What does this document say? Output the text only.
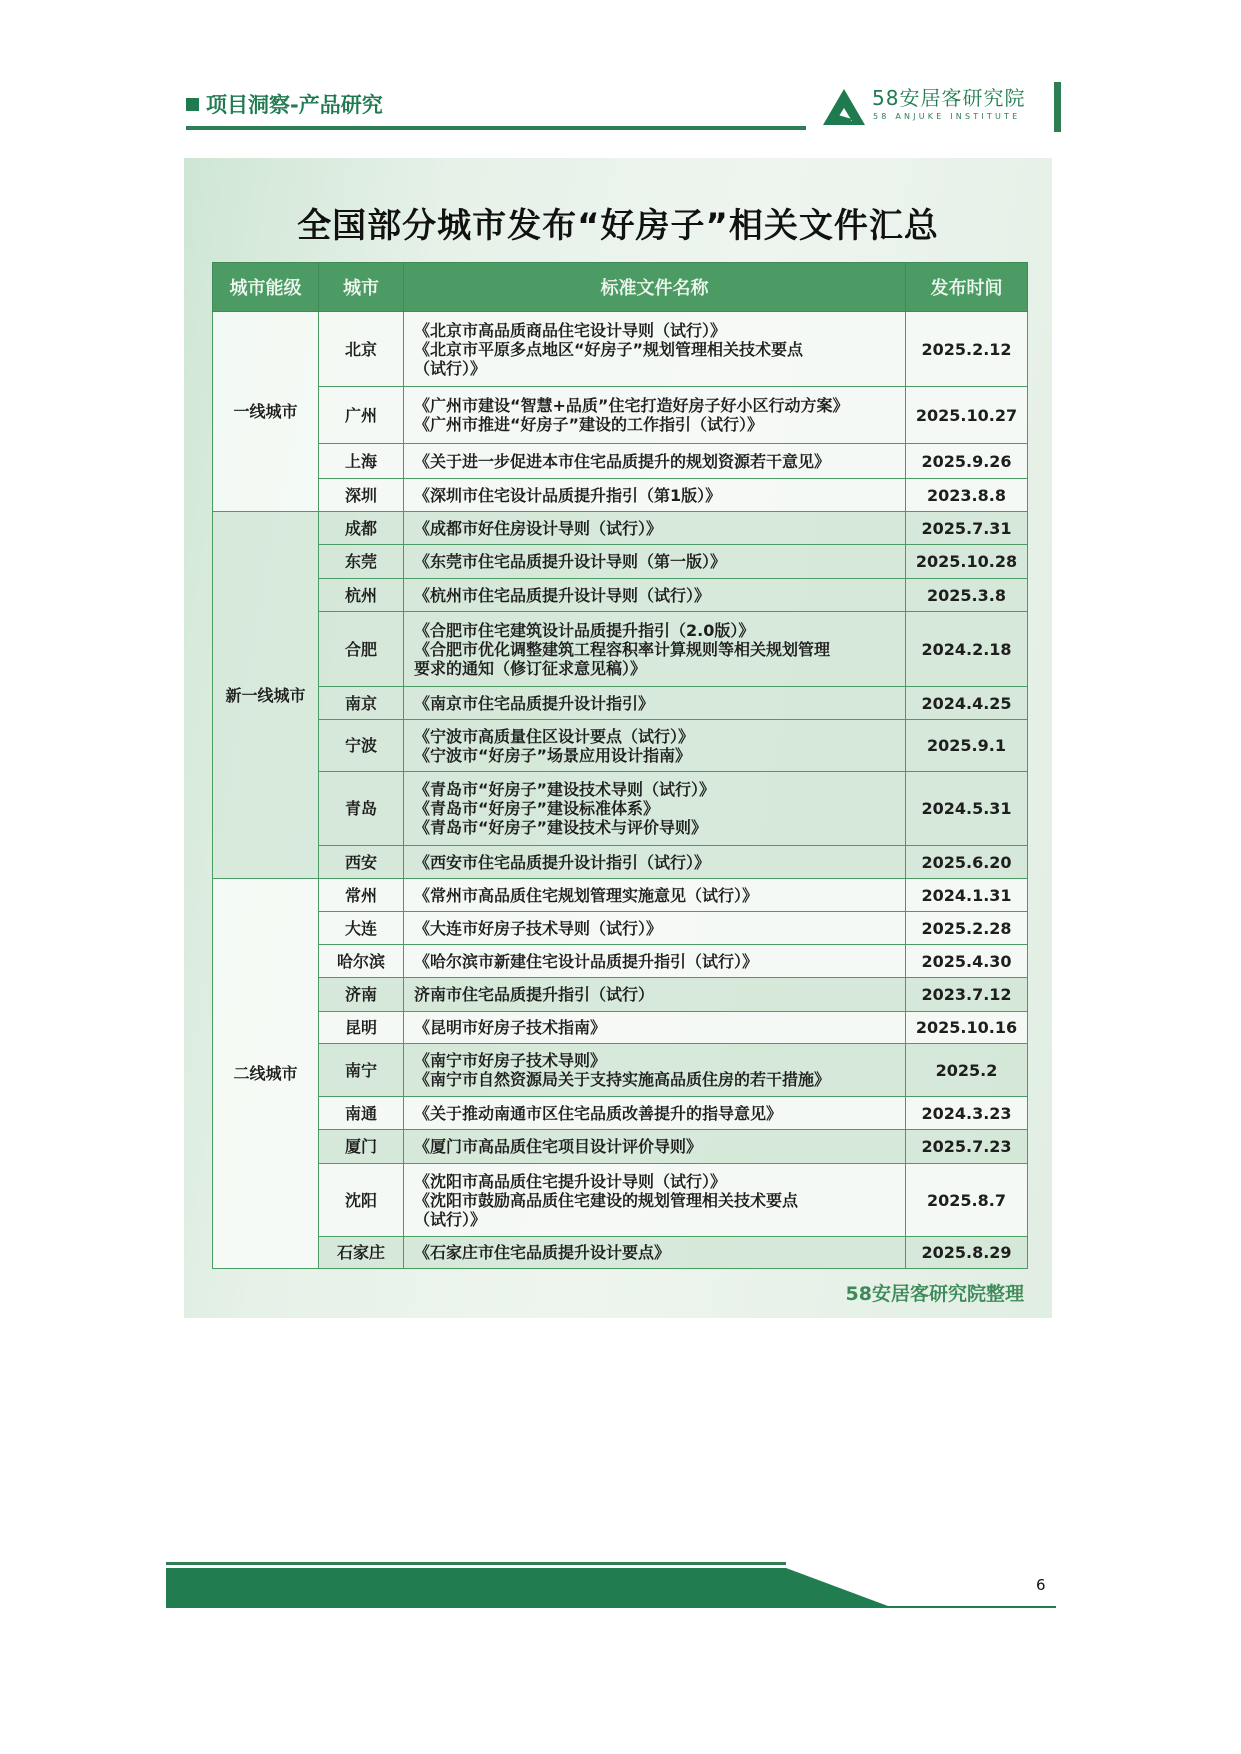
项目洞察-产品研究	58安居客研究院
58 ANJUKE INSTITUTE
全国部分城市发布“好房子”相关文件汇总
城市能级	城市	标准文件名称	发布时间
一线城市	北京	《北京市高品质商品住宅设计导则（试行）》
《北京市平原多点地区“好房子”规划管理相关技术要点
（试行）》	2025.2.12
	广州	《广州市建设“智慧+品质”住宅打造好房子好小区行动方案》
《广州市推进“好房子”建设的工作指引（试行）》	2025.10.27
	上海	《关于进一步促进本市住宅品质提升的规划资源若干意见》	2025.9.26
	深圳	《深圳市住宅设计品质提升指引（第1版）》	2023.8.8
新一线城市	成都	《成都市好住房设计导则（试行）》	2025.7.31
	东莞	《东莞市住宅品质提升设计导则（第一版）》	2025.10.28
	杭州	《杭州市住宅品质提升设计导则（试行）》	2025.3.8
	合肥	《合肥市住宅建筑设计品质提升指引（2.0版）》
《合肥市优化调整建筑工程容积率计算规则等相关规划管理
要求的通知（修订征求意见稿）》	2024.2.18
	南京	《南京市住宅品质提升设计指引》	2024.4.25
	宁波	《宁波市高质量住区设计要点（试行）》
《宁波市“好房子”场景应用设计指南》	2025.9.1
	青岛	《青岛市“好房子”建设技术导则（试行）》
《青岛市“好房子”建设标准体系》
《青岛市“好房子”建设技术与评价导则》	2024.5.31
	西安	《西安市住宅品质提升设计指引（试行）》	2025.6.20
二线城市	常州	《常州市高品质住宅规划管理实施意见（试行）》	2024.1.31
	大连	《大连市好房子技术导则（试行）》	2025.2.28
	哈尔滨	《哈尔滨市新建住宅设计品质提升指引（试行）》	2025.4.30
	济南	济南市住宅品质提升指引（试行）	2023.7.12
	昆明	《昆明市好房子技术指南》	2025.10.16
	南宁	《南宁市好房子技术导则》
《南宁市自然资源局关于支持实施高品质住房的若干措施》	2025.2
	南通	《关于推动南通市区住宅品质改善提升的指导意见》	2024.3.23
	厦门	《厦门市高品质住宅项目设计评价导则》	2025.7.23
	沈阳	《沈阳市高品质住宅提升设计导则（试行）》
《沈阳市鼓励高品质住宅建设的规划管理相关技术要点
（试行）》	2025.8.7
	石家庄	《石家庄市住宅品质提升设计要点》	2025.8.29
58安居客研究院整理
6
